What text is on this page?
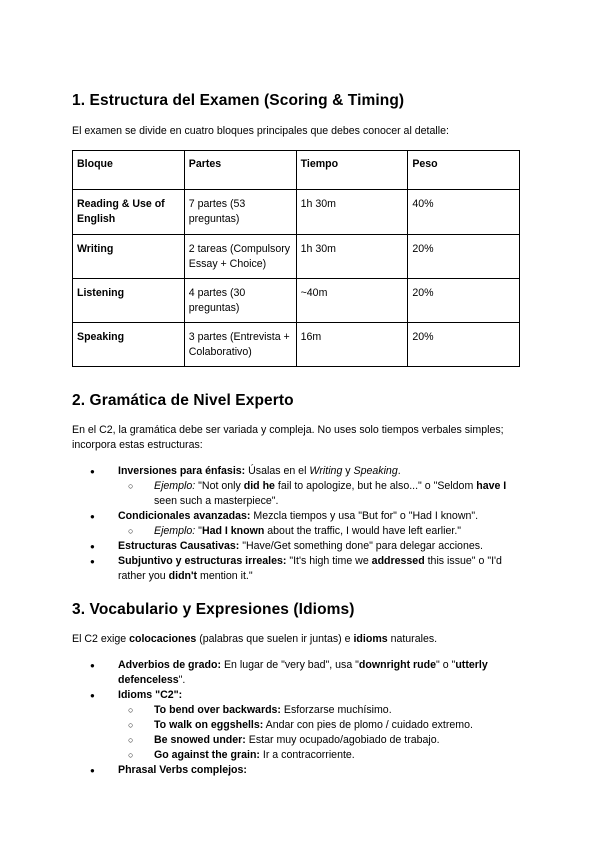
1. Estructura del Examen (Scoring & Timing)

El examen se divide en cuatro bloques principales que debes conocer al detalle:

Bloque	Partes	Tiempo	Peso
Reading & Use of English	7 partes (53 preguntas)	1h 30m	40%
Writing	2 tareas (Compulsory Essay + Choice)	1h 30m	20%
Listening	4 partes (30 preguntas)	~40m	20%
Speaking	3 partes (Entrevista + Colaborativo)	16m	20%
2. Gramática de Nivel Experto

En el C2, la gramática debe ser variada y compleja. No uses solo tiempos verbales simples; incorpora estas estructuras:

● Inversiones para énfasis: Úsalas en el Writing y Speaking.
○ Ejemplo: "Not only did he fail to apologize, but he also..." o "Seldom have I seen such a masterpiece".
● Condicionales avanzadas: Mezcla tiempos y usa "But for" o "Had I known".
○ Ejemplo: "Had I known about the traffic, I would have left earlier."
● Estructuras Causativas: "Have/Get something done" para delegar acciones.
● Subjuntivo y estructuras irreales: "It's high time we addressed this issue" o "I'd rather you didn't mention it."
3. Vocabulario y Expresiones (Idioms)

El C2 exige colocaciones (palabras que suelen ir juntas) e idioms naturales.

● Adverbios de grado: En lugar de "very bad", usa "downright rude" o "utterly defenceless".
● Idioms "C2":
○ To bend over backwards: Esforzarse muchísimo.
○ To walk on eggshells: Andar con pies de plomo / cuidado extremo.
○ Be snowed under: Estar muy ocupado/agobiado de trabajo.
○ Go against the grain: Ir a contracorriente.
● Phrasal Verbs complejos:
